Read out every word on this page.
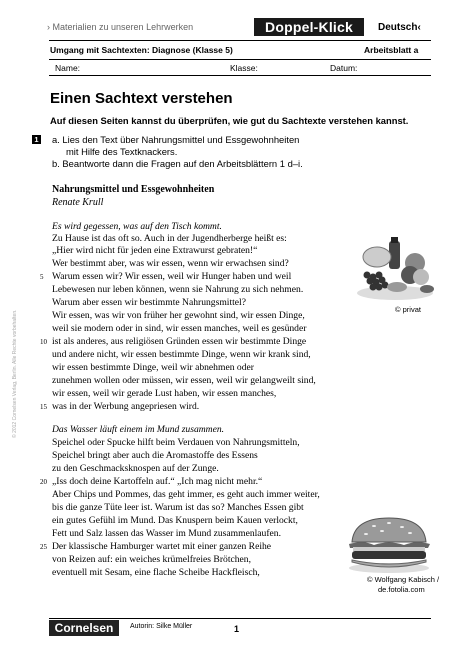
› Materialien zu unseren Lehrwerken	Doppel-Klick	Deutsch‹
Umgang mit Sachtexten: Diagnose (Klasse 5)	Arbeitsblatt a
Name:	Klasse:	Datum:
Einen Sachtext verstehen
Auf diesen Seiten kannst du überprüfen, wie gut du Sachtexte verstehen kannst.
1 a. Lies den Text über Nahrungsmittel und Essgewohnheiten
mit Hilfe des Textknackers.
b. Beantworte dann die Fragen auf den Arbeitsblättern 1 d–i.
Nahrungsmittel und Essgewohnheiten
Renate Krull
Es wird gegessen, was auf den Tisch kommt.
Zu Hause ist das oft so. Auch in der Jugendherberge heißt es:
„Hier wird nicht für jeden eine Extrawurst gebraten!“
Wer bestimmt aber, was wir essen, wenn wir erwachsen sind?
Warum essen wir? Wir essen, weil wir Hunger haben und weil
Lebewesen nur leben können, wenn sie Nahrung zu sich nehmen.
Warum aber essen wir bestimmte Nahrungsmittel?
Wir essen, was wir von früher her gewohnt sind, wir essen Dinge,
weil sie modern oder in sind, wir essen manches, weil es gesünder
ist als anderes, aus religiösen Gründen essen wir bestimmte Dinge
und andere nicht, wir essen bestimmte Dinge, wenn wir krank sind,
wir essen bestimmte Dinge, weil wir abnehmen oder
zunehmen wollen oder müssen, wir essen, weil wir gelangweilt sind,
wir essen, weil wir gerade Lust haben, wir essen manches,
was in der Werbung angepriesen wird.
Das Wasser läuft einem im Mund zusammen.
Speichel oder Spucke hilft beim Verdauen von Nahrungsmitteln,
Speichel bringt aber auch die Aromastoffe des Essens
zu den Geschmacksknospen auf der Zunge.
„Iss doch deine Kartoffeln auf.“ „Ich mag nicht mehr.“
Aber Chips und Pommes, das geht immer, es geht auch immer weiter,
bis die ganze Tüte leer ist. Warum ist das so? Manches Essen gibt
ein gutes Gefühl im Mund. Das Knuspern beim Kauen verlockt,
Fett und Salz lassen das Wasser im Mund zusammenlaufen.
Der klassische Hamburger wartet mit einer ganzen Reihe
von Reizen auf: ein weiches krümelfreies Brötchen,
eventuell mit Sesam, eine flache Scheibe Hackfleisch,
5
10
15
20
25
© privat
© Wolfgang Kabisch /
de.fotolia.com
© 2012 Cornelsen Verlag, Berlin. Alle Rechte vorbehalten.
Cornelsen	Autorin: Silke Müller	1
